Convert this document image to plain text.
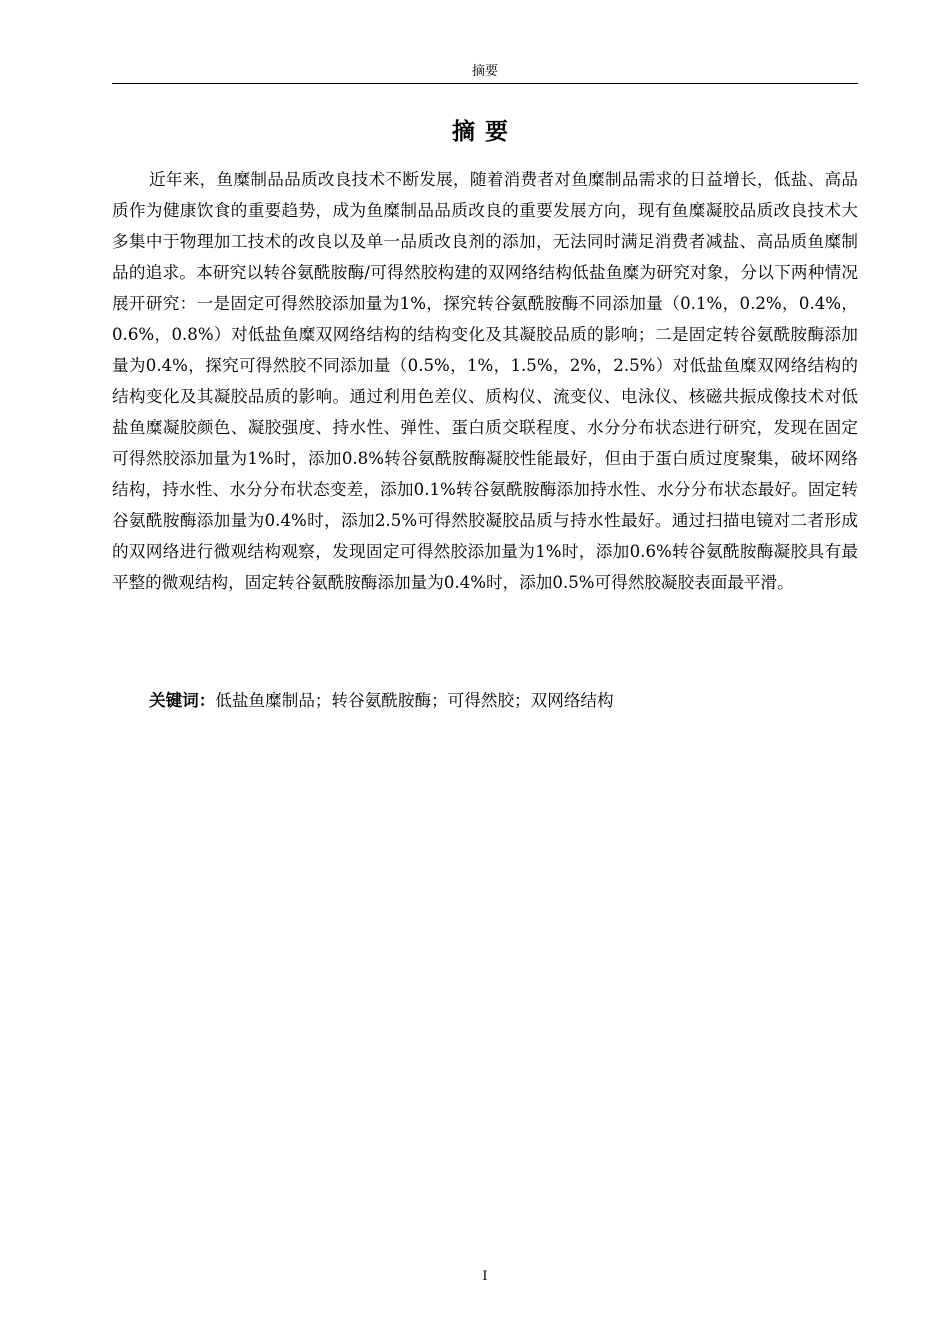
摘要
摘要

近年来，鱼糜制品品质改良技术不断发展，随着消费者对鱼糜制品需求的日益增长，低盐、高品质作为健康饮食的重要趋势，成为鱼糜制品品质改良的重要发展方向，现有鱼糜凝胶品质改良技术大多集中于物理加工技术的改良以及单一品质改良剂的添加，无法同时满足消费者减盐、高品质鱼糜制品的追求。本研究以转谷氨酰胺酶/可得然胶构建的双网络结构低盐鱼糜为研究对象，分以下两种情况展开研究：一是固定可得然胶添加量为1%，探究转谷氨酰胺酶不同添加量（0.1%，0.2%，0.4%，0.6%，0.8%）对低盐鱼糜双网络结构的结构变化及其凝胶品质的影响；二是固定转谷氨酰胺酶添加量为0.4%，探究可得然胶不同添加量（0.5%，1%，1.5%，2%，2.5%）对低盐鱼糜双网络结构的结构变化及其凝胶品质的影响。通过利用色差仪、质构仪、流变仪、电泳仪、核磁共振成像技术对低盐鱼糜凝胶颜色、凝胶强度、持水性、弹性、蛋白质交联程度、水分分布状态进行研究，发现在固定可得然胶添加量为1%时，添加0.8%转谷氨酰胺酶凝胶性能最好，但由于蛋白质过度聚集，破坏网络结构，持水性、水分分布状态变差，添加0.1%转谷氨酰胺酶添加持水性、水分分布状态最好。固定转谷氨酰胺酶添加量为0.4%时，添加2.5%可得然胶凝胶品质与持水性最好。通过扫描电镜对二者形成的双网络进行微观结构观察，发现固定可得然胶添加量为1%时，添加0.6%转谷氨酰胺酶凝胶具有最平整的微观结构，固定转谷氨酰胺酶添加量为0.4%时，添加0.5%可得然胶凝胶表面最平滑。

关键词：低盐鱼糜制品；转谷氨酰胺酶；可得然胶；双网络结构
I
